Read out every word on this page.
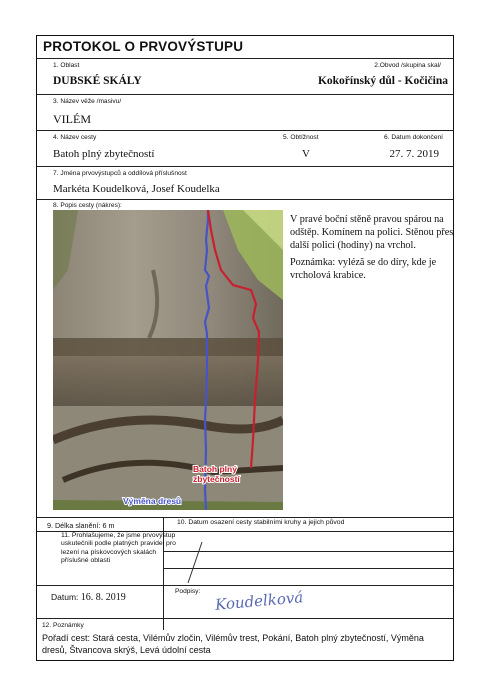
PROTOKOL O PRVOVÝSTUPU
1. Oblast	2.Obvod /skupina skal/
DUBSKÉ SKÁLY	Kokořínský důl - Kočičina
3. Název věže /masivu/
VILÉM
4. Název cesty	5. Obtížnost	6. Datum dokončení
Batoh plný zbytečností	V	27. 7. 2019
7. Jména prvovýstupců a oddílová příslušnost
Markéta Koudelková, Josef Koudelka
8. Popis cesty (nákres):
Batoh plný
zbytečností
Výměna dresů

V pravé boční stěně pravou spárou na odštěp. Komínem na polici. Stěnou přes další polici (hodiny) na vrchol.

Poznámka: vyléză se do díry, kde je vrcholová krabice.

9. Délka slanění: 6 m	10. Datum osazení cesty stabilními kruhy a jejich původ
11. Prohlašujeme, že jsme prvovýstup uskutečnili podle platných pravidel pro lezení na pískovcových skalách příslušné oblasti
Datum: 16. 8. 2019
Podpisy: Koudelková
12. Poznámky
Pořadí cest: Stará cesta, Vilémův zločin, Vilémův trest, Pokání, Batoh plný zbytečností, Výměna dresů, Štvancova skrýš, Levá údolní cesta
